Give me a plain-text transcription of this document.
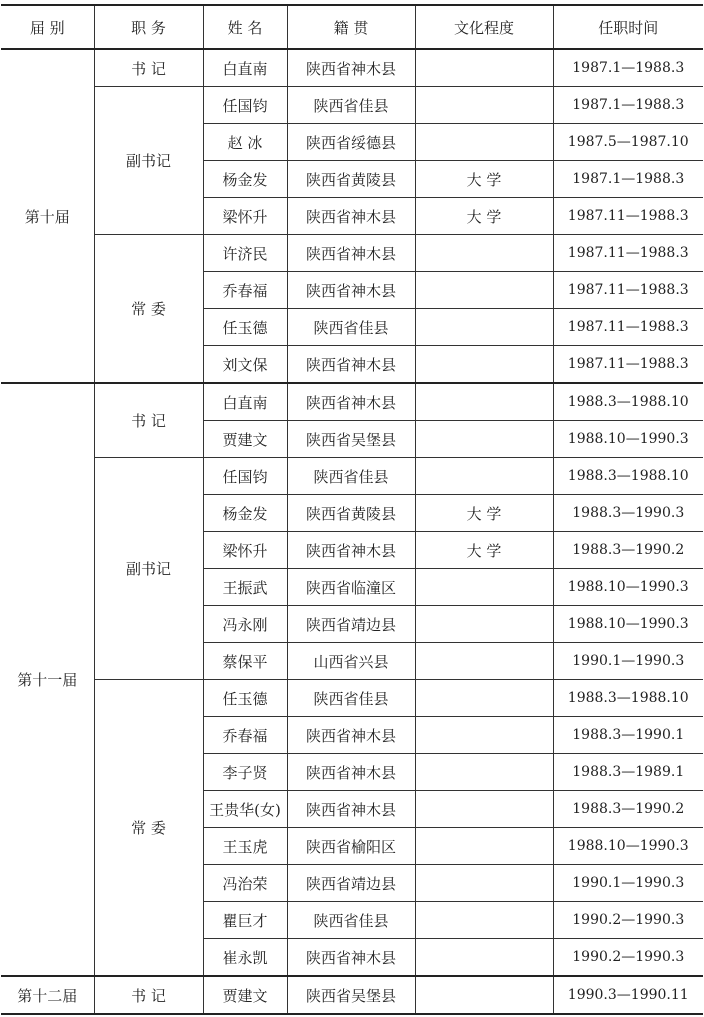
届 别	职 务	姓 名	籍 贯	文化程度	任职时间
第十届	书 记	白直南	陕西省神木县		1987.1—1988.3
	副书记	任国钧	陕西省佳县		1987.1—1988.3
		赵 冰	陕西省绥德县		1987.5—1987.10
		杨金发	陕西省黄陵县	大 学	1987.1—1988.3
		梁怀升	陕西省神木县	大 学	1987.11—1988.3
	常 委	许济民	陕西省神木县		1987.11—1988.3
		乔春福	陕西省神木县		1987.11—1988.3
		任玉德	陕西省佳县		1987.11—1988.3
		刘文保	陕西省神木县		1987.11—1988.3
第十一届	书 记	白直南	陕西省神木县		1988.3—1988.10
		贾建文	陕西省吴堡县		1988.10—1990.3
	副书记	任国钧	陕西省佳县		1988.3—1988.10
		杨金发	陕西省黄陵县	大 学	1988.3—1990.3
		梁怀升	陕西省神木县	大 学	1988.3—1990.2
		王振武	陕西省临潼区		1988.10—1990.3
		冯永刚	陕西省靖边县		1988.10—1990.3
		蔡保平	山西省兴县		1990.1—1990.3
	常 委	任玉德	陕西省佳县		1988.3—1988.10
		乔春福	陕西省神木县		1988.3—1990.1
		李子贤	陕西省神木县		1988.3—1989.1
		王贵华(女)	陕西省神木县		1988.3—1990.2
		王玉虎	陕西省榆阳区		1988.10—1990.3
		冯治荣	陕西省靖边县		1990.1—1990.3
		瞿巨才	陕西省佳县		1990.2—1990.3
		崔永凯	陕西省神木县		1990.2—1990.3
第十二届	书 记	贾建文	陕西省吴堡县		1990.3—1990.11
